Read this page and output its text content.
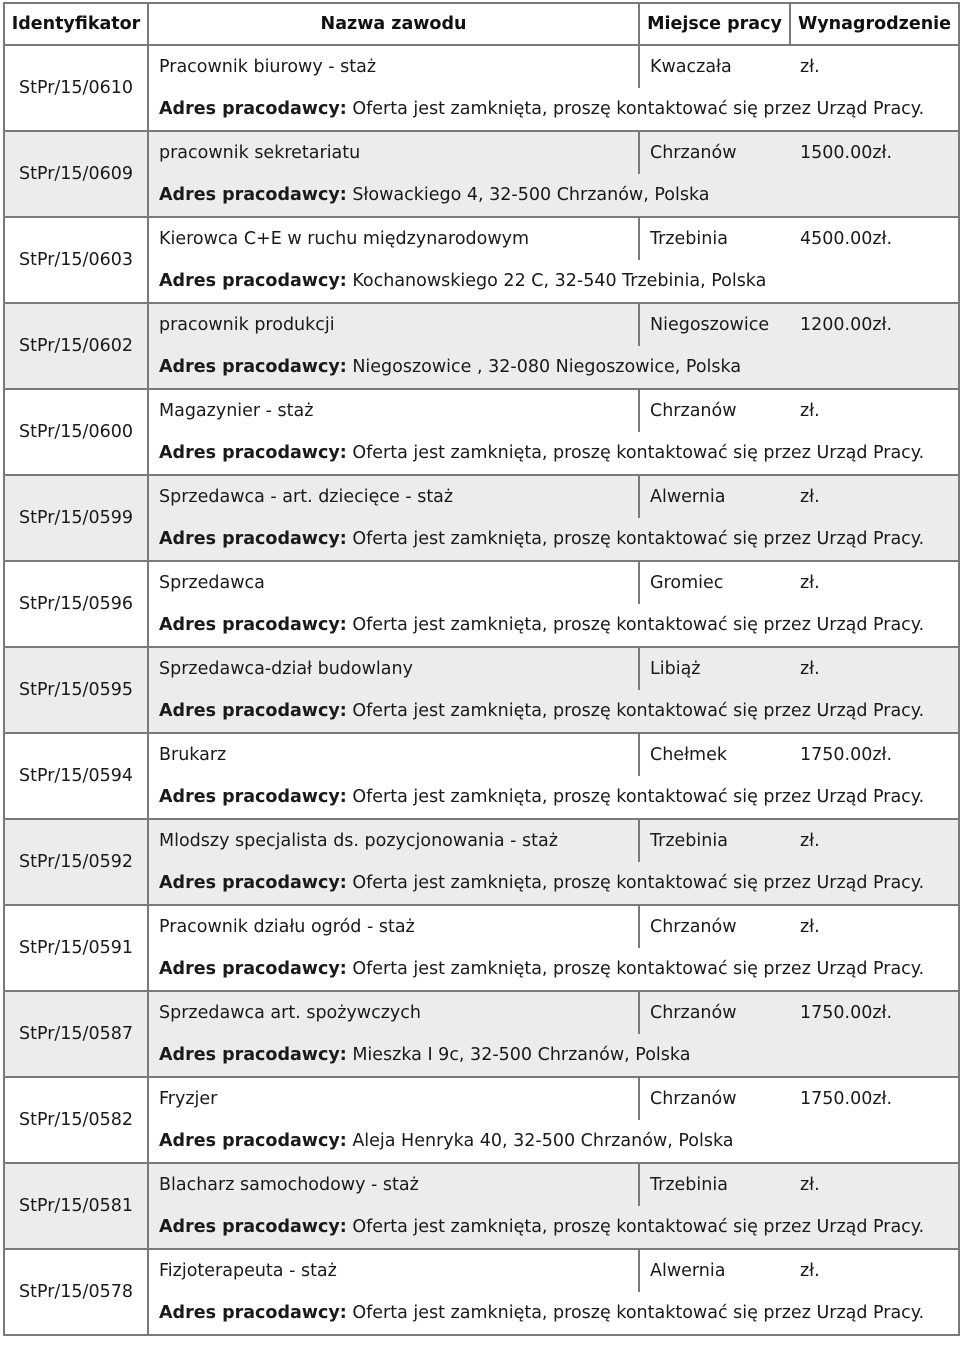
Identyfikator	Nazwa zawodu	Miejsce pracy	Wynagrodzenie
StPr/15/0610	Pracownik biurowy - staż	Kwaczała	zł.
	Adres pracodawcy: Oferta jest zamknięta, proszę kontaktować się przez Urząd Pracy.		
StPr/15/0609	pracownik sekretariatu	Chrzanów	1500.00zł.
	Adres pracodawcy: Słowackiego 4, 32-500 Chrzanów, Polska		
StPr/15/0603	Kierowca C+E w ruchu międzynarodowym	Trzebinia	4500.00zł.
	Adres pracodawcy: Kochanowskiego 22 C, 32-540 Trzebinia, Polska		
StPr/15/0602	pracownik produkcji	Niegoszowice	1200.00zł.
	Adres pracodawcy: Niegoszowice , 32-080 Niegoszowice, Polska		
StPr/15/0600	Magazynier - staż	Chrzanów	zł.
	Adres pracodawcy: Oferta jest zamknięta, proszę kontaktować się przez Urząd Pracy.		
StPr/15/0599	Sprzedawca - art. dziecięce - staż	Alwernia	zł.
	Adres pracodawcy: Oferta jest zamknięta, proszę kontaktować się przez Urząd Pracy.		
StPr/15/0596	Sprzedawca	Gromiec	zł.
	Adres pracodawcy: Oferta jest zamknięta, proszę kontaktować się przez Urząd Pracy.		
StPr/15/0595	Sprzedawca-dział budowlany	Libiąż	zł.
	Adres pracodawcy: Oferta jest zamknięta, proszę kontaktować się przez Urząd Pracy.		
StPr/15/0594	Brukarz	Chełmek	1750.00zł.
	Adres pracodawcy: Oferta jest zamknięta, proszę kontaktować się przez Urząd Pracy.		
StPr/15/0592	Mlodszy specjalista ds. pozycjonowania - staż	Trzebinia	zł.
	Adres pracodawcy: Oferta jest zamknięta, proszę kontaktować się przez Urząd Pracy.		
StPr/15/0591	Pracownik działu ogród - staż	Chrzanów	zł.
	Adres pracodawcy: Oferta jest zamknięta, proszę kontaktować się przez Urząd Pracy.		
StPr/15/0587	Sprzedawca art. spożywczych	Chrzanów	1750.00zł.
	Adres pracodawcy: Mieszka I 9c, 32-500 Chrzanów, Polska		
StPr/15/0582	Fryzjer	Chrzanów	1750.00zł.
	Adres pracodawcy: Aleja Henryka 40, 32-500 Chrzanów, Polska		
StPr/15/0581	Blacharz samochodowy - staż	Trzebinia	zł.
	Adres pracodawcy: Oferta jest zamknięta, proszę kontaktować się przez Urząd Pracy.		
StPr/15/0578	Fizjoterapeuta - staż	Alwernia	zł.
	Adres pracodawcy: Oferta jest zamknięta, proszę kontaktować się przez Urząd Pracy.		
